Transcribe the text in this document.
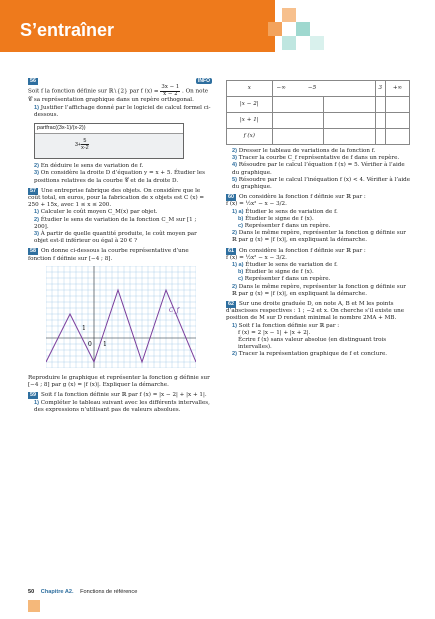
S’entraîner
56	INFO
Soit f la fonction définie sur ℝ∖{2} par f $(x) = \frac{3x - 1}{x - 2}$ . On note 𝒞 sa représentation graphique dans un repère orthogonal.
1) Justifier l’affichage donné par le logiciel de calcul formel ci-dessous.
partfrac((3x-1)/(x-2))
$3+ \frac{5}{x-2}$
2) En déduire le sens de variation de f.
3) On considère la droite D d’équation y = x + 5. Étudier les positions relatives de la courbe 𝒞 et de la droite D.
57 Une entreprise fabrique des objets. On considère que le coût total, en euros, pour la fabrication de x objets est C (x) = 250 + 15x, avec 1 ≤ x ≤ 200.
1) Calculer le coût moyen C_M(x) par objet.
2) Étudier le sens de variation de la fonction C_M sur [1 ; 200].
3) À partir de quelle quantité produite, le coût moyen par objet est-il inférieur ou égal à 20 € ?
58 On donne ci-dessous la courbe représentative d’une fonction f définie sur [−4 ; 8].
1
0 1
C_f
Reproduire le graphique et représenter la fonction g définie sur [−4 ; 8] par g (x) = |f (x)|. Expliquer la démarche.
59 Soit f la fonction définie sur ℝ par f (x) = |x − 2| + |x + 1|.
1) Compléter le tableau suivant avec les différents intervalles, des expressions n’utilisant pas de valeurs absolues.
x	−∞ −5		3	+∞
|x − 2|				
|x + 1|				
f (x)				
2) Dresser le tableau de variations de la fonction f.
3) Tracer la courbe C_f représentative de f dans un repère.
4) Résoudre par le calcul l’équation f (x) = 5. Vérifier à l’aide du graphique.
5) Résoudre par le calcul l’inéquation f (x) < 4. Vérifier à l’aide du graphique.
60 On considère la fonction f définie sur ℝ par :
f (x) = ½x² − x − 3/2.
1) a) Étudier le sens de variation de f.
b) Étudier le signe de f (x).
c) Représenter f dans un repère.
2) Dans le même repère, représenter la fonction g définie sur ℝ par g (x) = |f (x)|, en expliquant la démarche.
61 On considère la fonction f définie sur ℝ par :
f (x) = ½x² − x − 3/2.
1) a) Étudier le sens de variation de f.
b) Étudier le signe de f (x).
c) Représenter f dans un repère.
2) Dans le même repère, représenter la fonction g définie sur ℝ par g (x) = |f (x)|, en expliquant la démarche.
62 Sur une droite graduée D, on note A, B et M les points d’abscisses respectives : 1 ; −2 et x. On cherche s’il existe une position de M sur D rendant minimal le nombre 2MA + MB.
1) Soit f la fonction définie sur ℝ par :
f (x) = 2 |x − 1| + |x + 2|.
Écrire f (x) sans valeur absolue (en distinguant trois intervalles).
2) Tracer la représentation graphique de f et conclure.
50 Chapitre A2. Fonctions de référence
